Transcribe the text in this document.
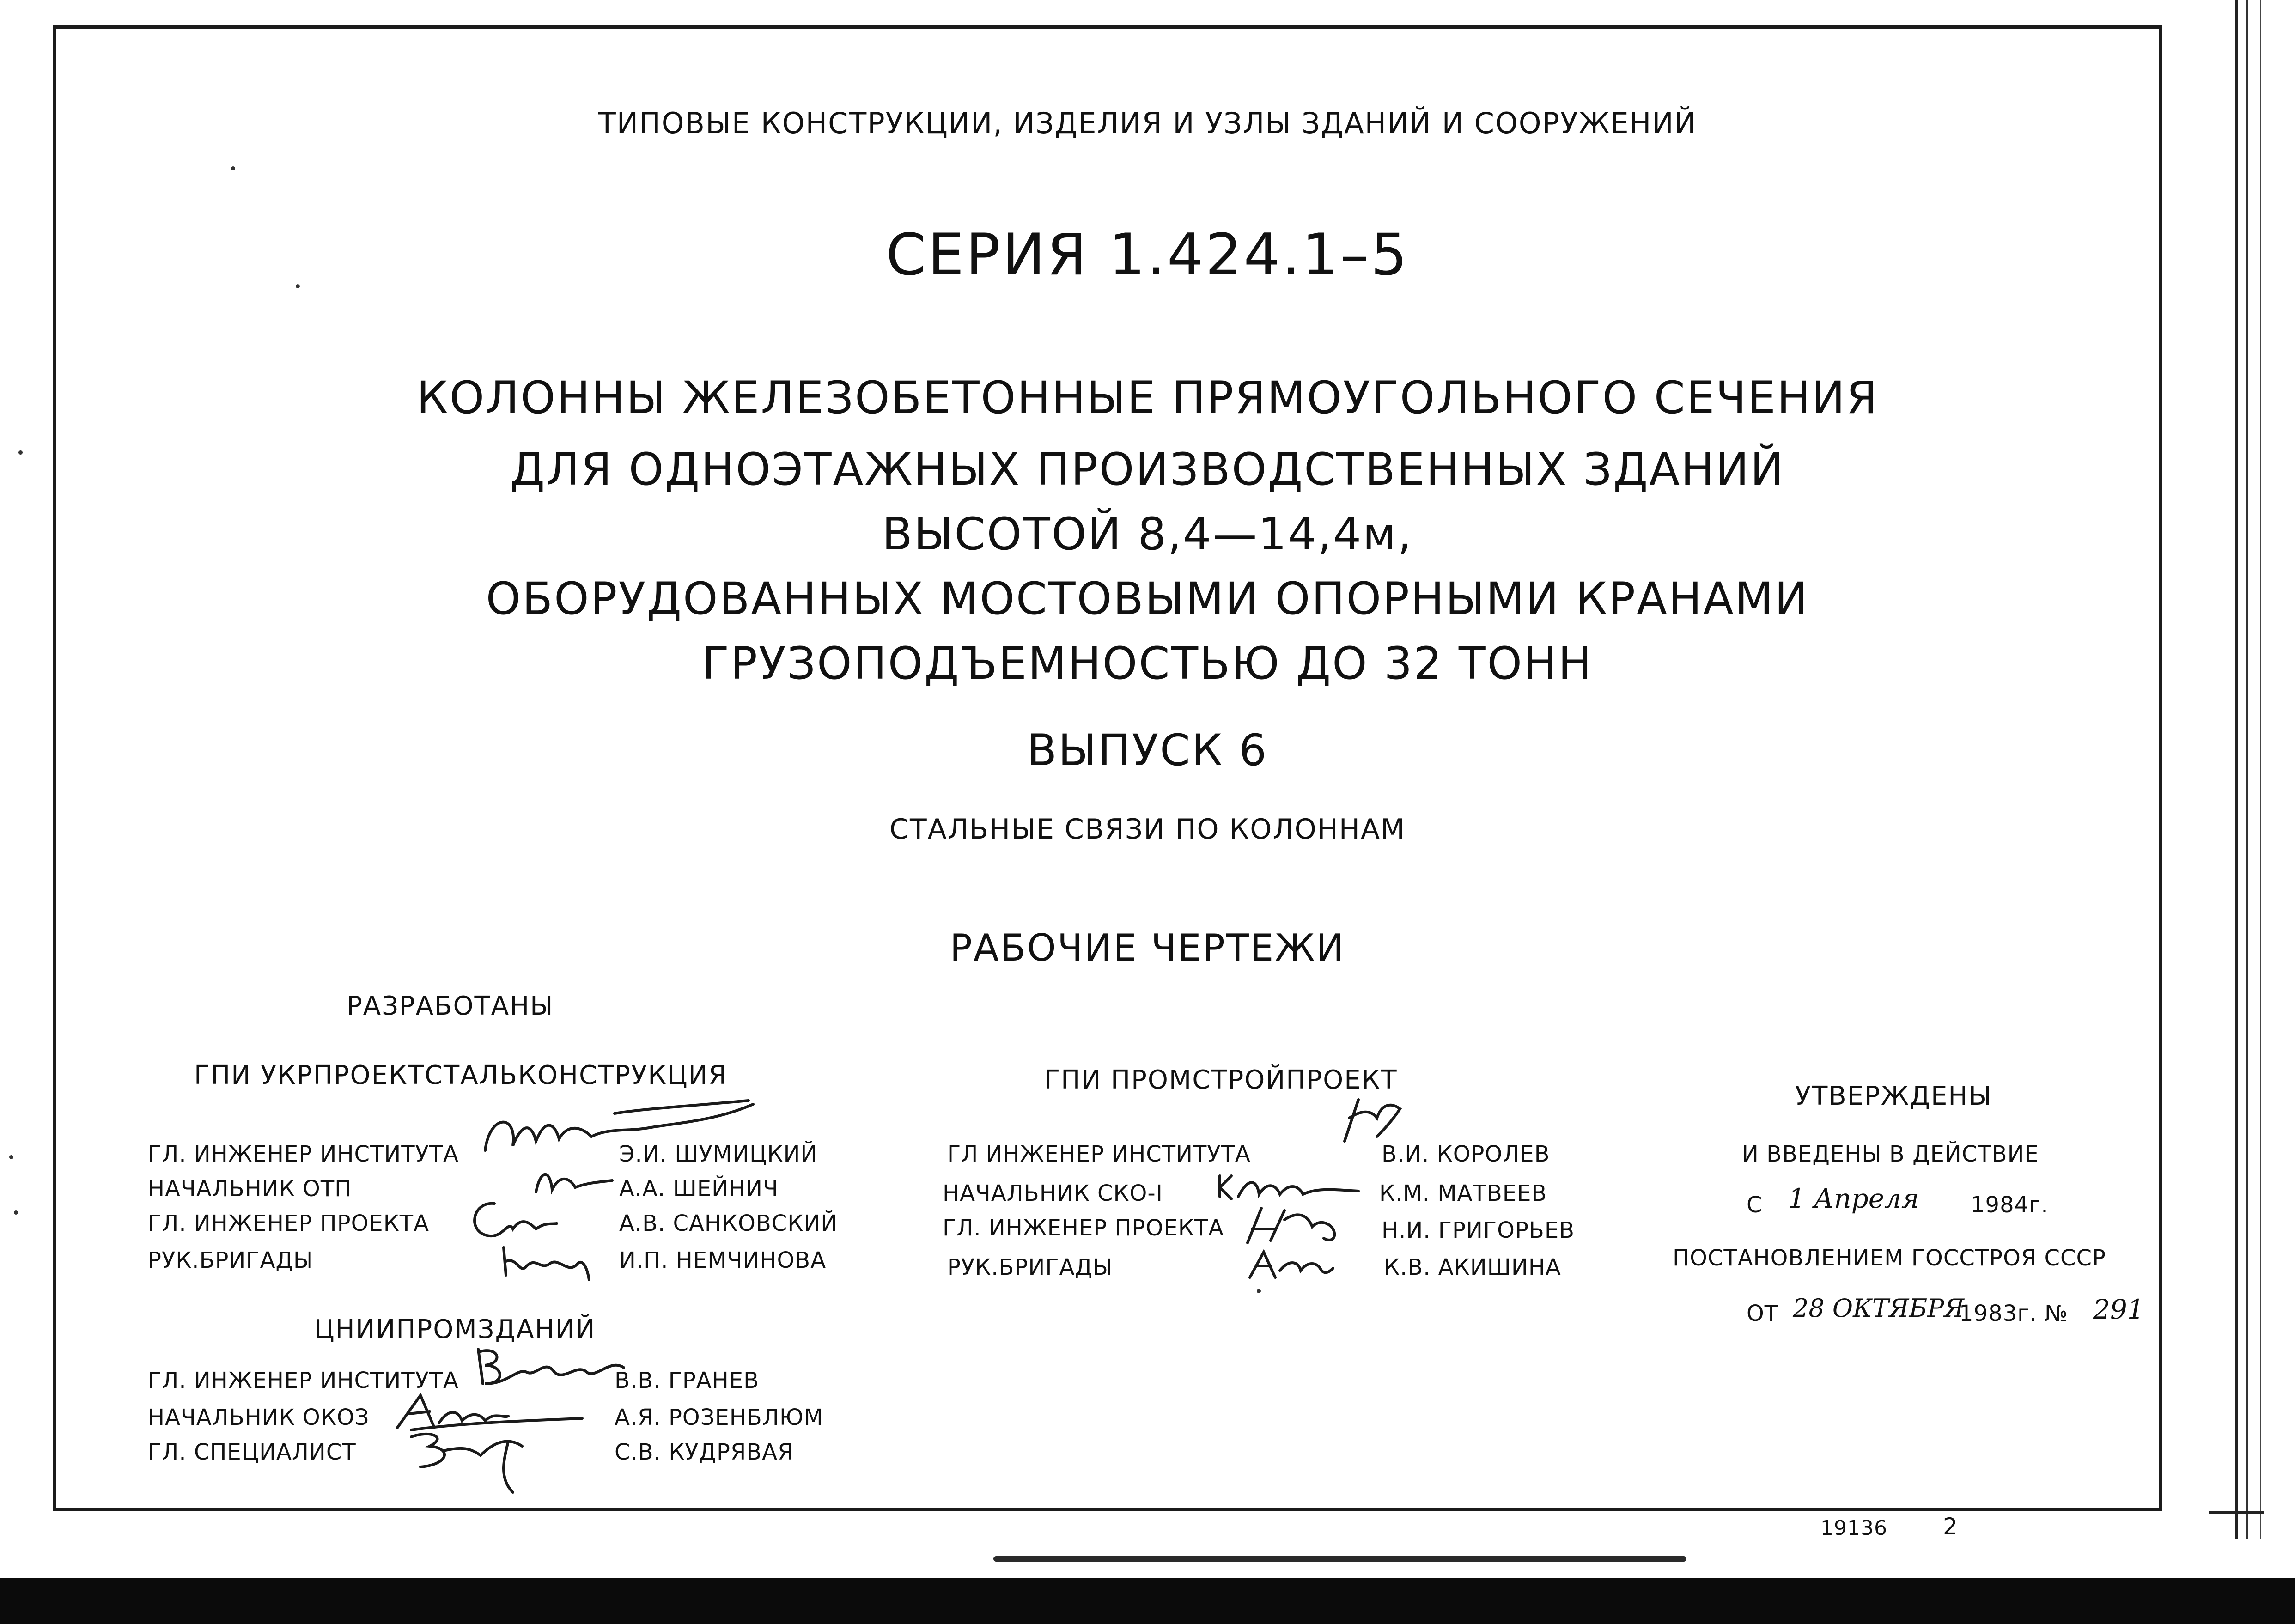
ТИПОВЫЕ КОНСТРУКЦИИ, ИЗДЕЛИЯ И УЗЛЫ ЗДАНИЙ И СООРУЖЕНИЙ
СЕРИЯ 1.424.1–5
КОЛОННЫ ЖЕЛЕЗОБЕТОННЫЕ ПРЯМОУГОЛЬНОГО СЕЧЕНИЯ
ДЛЯ ОДНОЭТАЖНЫХ ПРОИЗВОДСТВЕННЫХ ЗДАНИЙ
ВЫСОТОЙ 8,4—14,4м,
ОБОРУДОВАННЫХ МОСТОВЫМИ ОПОРНЫМИ КРАНАМИ
ГРУЗОПОДЪЕМНОСТЬЮ ДО 32 ТОНН
ВЫПУСК 6
СТАЛЬНЫЕ СВЯЗИ ПО КОЛОННАМ
РАБОЧИЕ ЧЕРТЕЖИ
РАЗРАБОТАНЫ
ГПИ УКРПРОЕКТСТАЛЬКОНСТРУКЦИЯ
ГЛ. ИНЖЕНЕР ИНСТИТУТА	Э.И. ШУМИЦКИЙ
НАЧАЛЬНИК ОТП	А.А. ШЕЙНИЧ
ГЛ. ИНЖЕНЕР ПРОЕКТА	А.В. САНКОВСКИЙ
РУК.БРИГАДЫ	И.П. НЕМЧИНОВА
ЦНИИПРОМЗДАНИЙ
ГЛ. ИНЖЕНЕР ИНСТИТУТА	В.В. ГРАНЕВ
НАЧАЛЬНИК ОКОЗ	А.Я. РОЗЕНБЛЮМ
ГЛ. СПЕЦИАЛИСТ	С.В. КУДРЯВАЯ
ГПИ ПРОМСТРОЙПРОЕКТ
ГЛ ИНЖЕНЕР ИНСТИТУТА	В.И. КОРОЛЕВ
НАЧАЛЬНИК СКО-I	К.М. МАТВЕЕВ
ГЛ. ИНЖЕНЕР ПРОЕКТА	Н.И. ГРИГОРЬЕВ
РУК.БРИГАДЫ	К.В. АКИШИНА
УТВЕРЖДЕНЫ
И ВВЕДЕНЫ В ДЕЙСТВИЕ
С 1 Апреля 1984г.
ПОСТАНОВЛЕНИЕМ ГОССТРОЯ СССР
ОТ 28 ОКТЯБРЯ
1983г. № 291
19136 2
